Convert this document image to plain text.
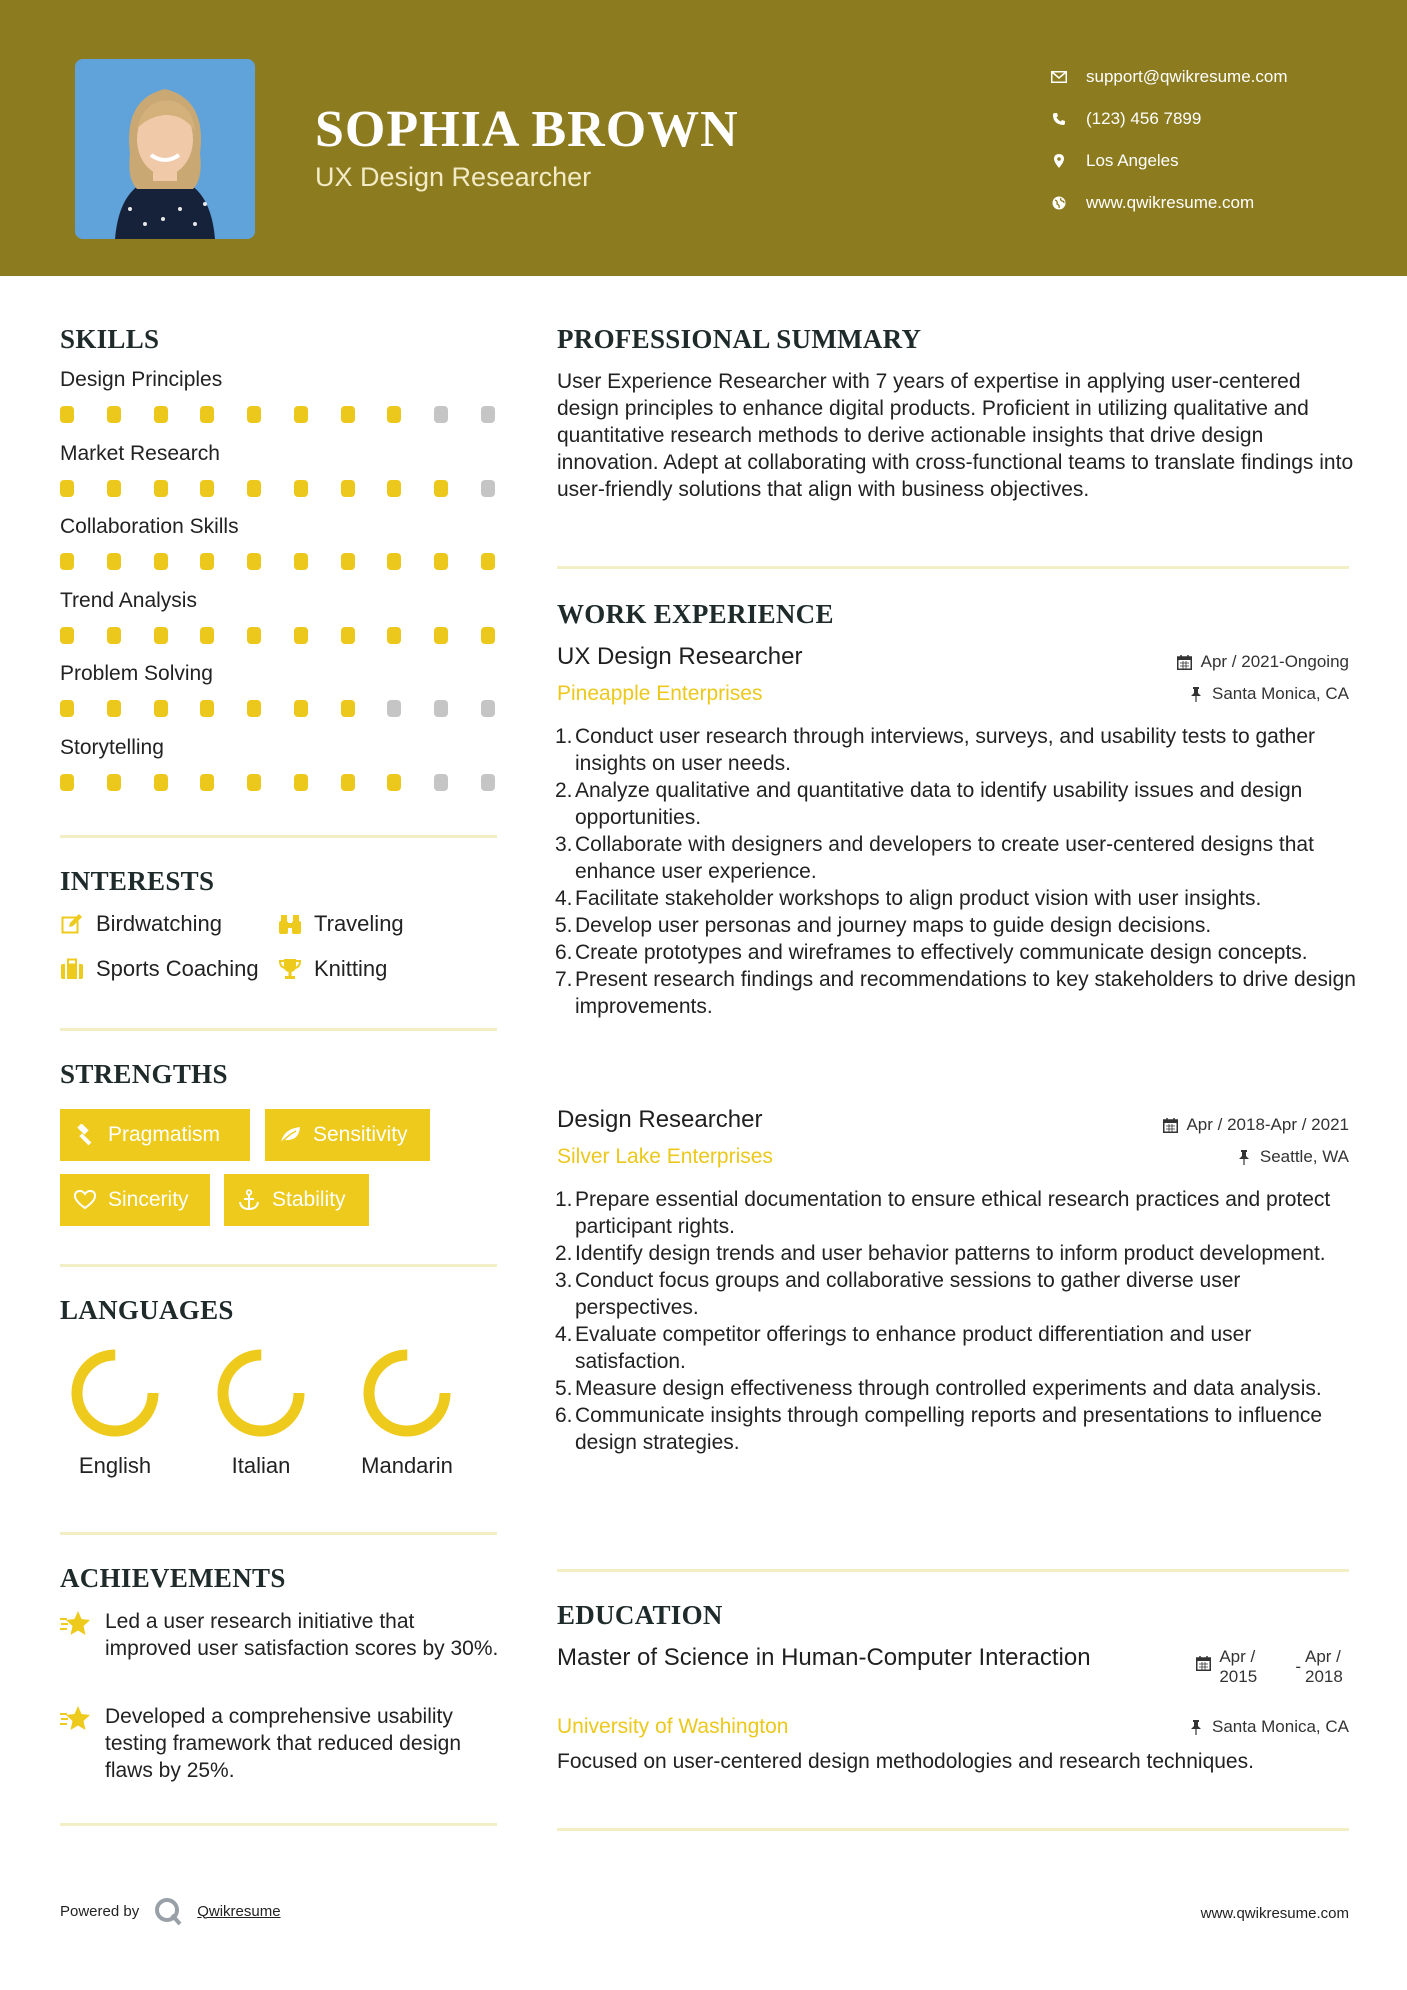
SOPHIA BROWN
UX Design Researcher
support@qwikresume.com
(123) 456 7899
Los Angeles
www.qwikresume.com
SKILLS
Design Principles
Market Research
Collaboration Skills
Trend Analysis
Problem Solving
Storytelling
INTERESTS
Birdwatching	Traveling
Sports Coaching	Knitting
STRENGTHS
Pragmatism	Sensitivity
Sincerity	Stability
LANGUAGES
English	Italian	Mandarin
ACHIEVEMENTS
Led a user research initiative that improved user satisfaction scores by 30%.
Developed a comprehensive usability testing framework that reduced design flaws by 25%.
PROFESSIONAL SUMMARY
User Experience Researcher with 7 years of expertise in applying user-centered design principles to enhance digital products. Proficient in utilizing qualitative and quantitative research methods to derive actionable insights that drive design innovation. Adept at collaborating with cross-functional teams to translate findings into user-friendly solutions that align with business objectives.
WORK EXPERIENCE
UX Design Researcher	Apr / 2021-Ongoing
Pineapple Enterprises	Santa Monica, CA
1. Conduct user research through interviews, surveys, and usability tests to gather insights on user needs.
2. Analyze qualitative and quantitative data to identify usability issues and design opportunities.
3. Collaborate with designers and developers to create user-centered designs that enhance user experience.
4. Facilitate stakeholder workshops to align product vision with user insights.
5. Develop user personas and journey maps to guide design decisions.
6. Create prototypes and wireframes to effectively communicate design concepts.
7. Present research findings and recommendations to key stakeholders to drive design improvements.
Design Researcher	Apr / 2018-Apr / 2021
Silver Lake Enterprises	Seattle, WA
1. Prepare essential documentation to ensure ethical research practices and protect participant rights.
2. Identify design trends and user behavior patterns to inform product development.
3. Conduct focus groups and collaborative sessions to gather diverse user perspectives.
4. Evaluate competitor offerings to enhance product differentiation and user satisfaction.
5. Measure design effectiveness through controlled experiments and data analysis.
6. Communicate insights through compelling reports and presentations to influence design strategies.
EDUCATION
Master of Science in Human-Computer Interaction	Apr / 2015
-
Apr / 2018
University of Washington	Santa Monica, CA
Focused on user-centered design methodologies and research techniques.
Powered by	Qwikresume	www.qwikresume.com
